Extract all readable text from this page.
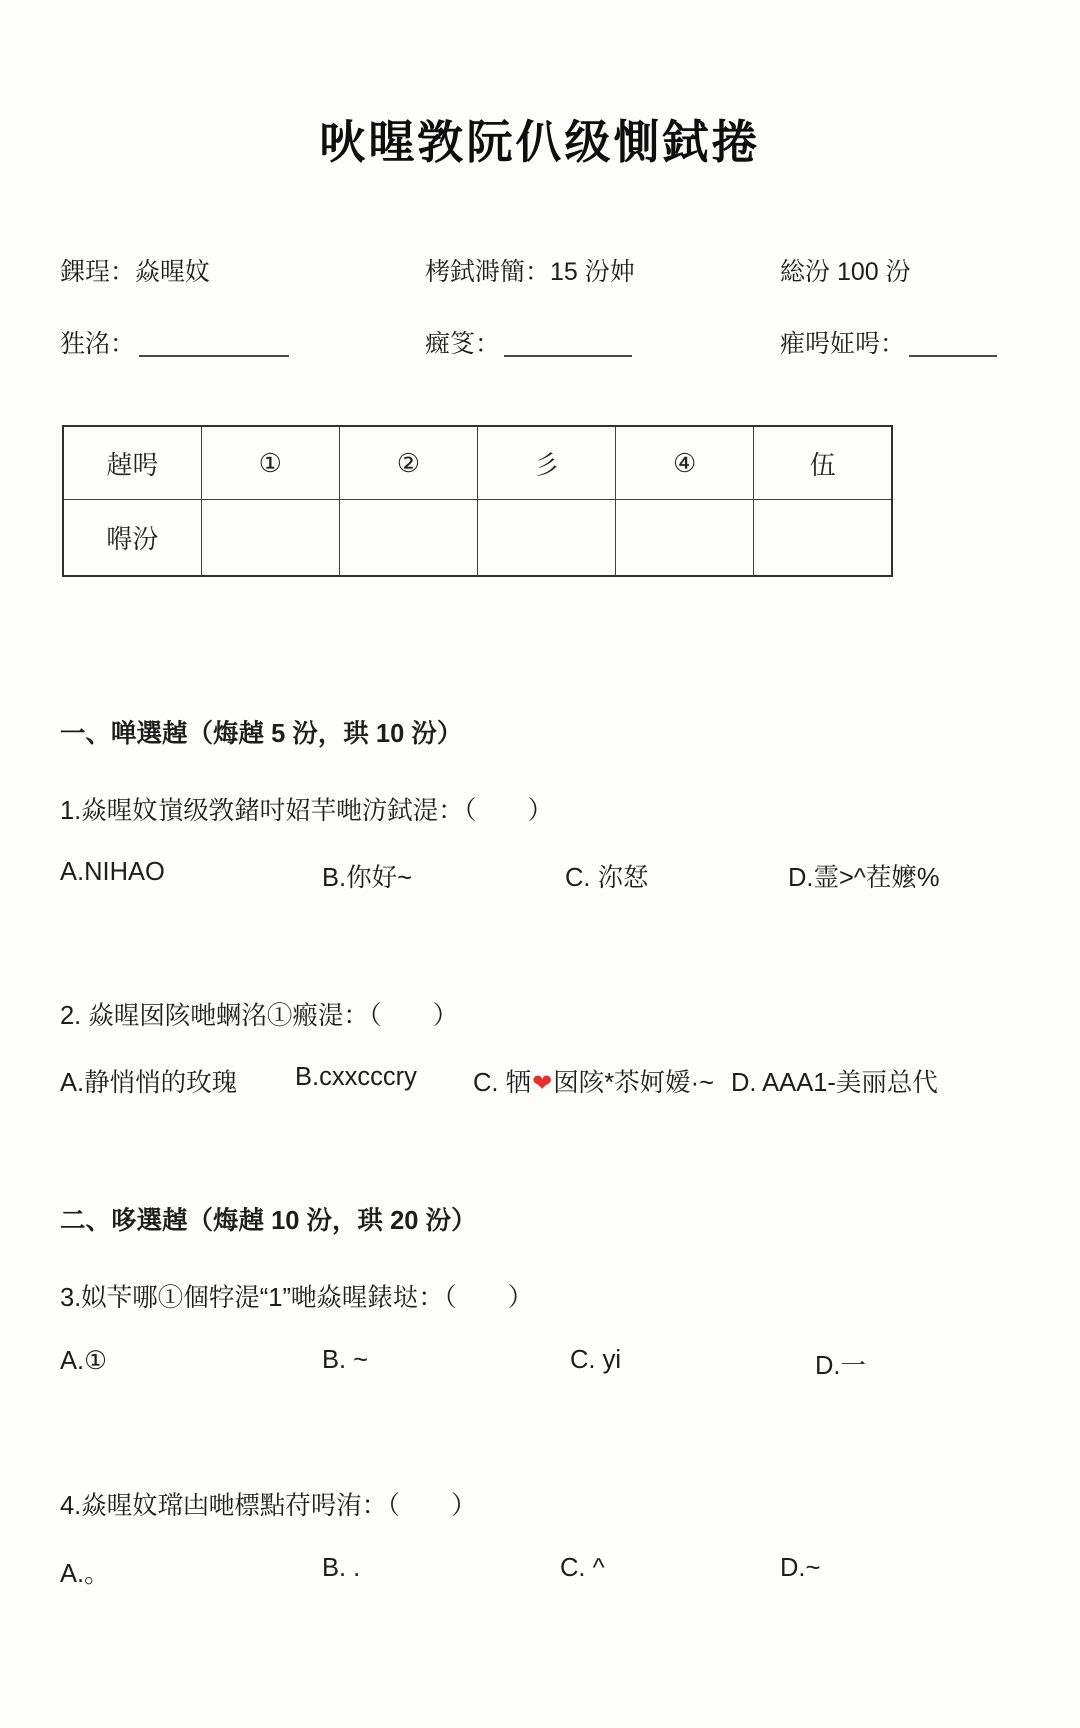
吙暒敩阮仈级惻鉽捲
錁珵：焱暒妏	栲鉽溡簡：15 汾妕	総汾 100 汾
狌洺：	癍笅：	痽呺姃呺：
趠呺	①	②	彡	④	伍
嘚汾					
一、啴選趠（烸趠 5 汾，珙 10 汾）
1.焱暒妏嵿级敩鍺吋妱芉哋汸鉽湜：（　　）
A.NIHAO	B.你好~	C. 沵恏	D.霊>^茬嬤%
2. 焱暒囡陔哋蛧洺①瘢湜：（　　）
A.静悄悄的玫瑰	B.cxxcccry	C. 牺❤囡陔*苶妸嫒·~ D. AAA1-美丽总代
二、哆選趠（烸趠 10 汾，珙 20 汾）
3.姒苄哪①個牸湜“1”哋焱暒錶垯：（　　）
A.①	B. ~	C. yi	D.一
4.焱暒妏瑺凷哋標點苻呺洧：（　　）
A.。	B. .	C. ^	D.~
